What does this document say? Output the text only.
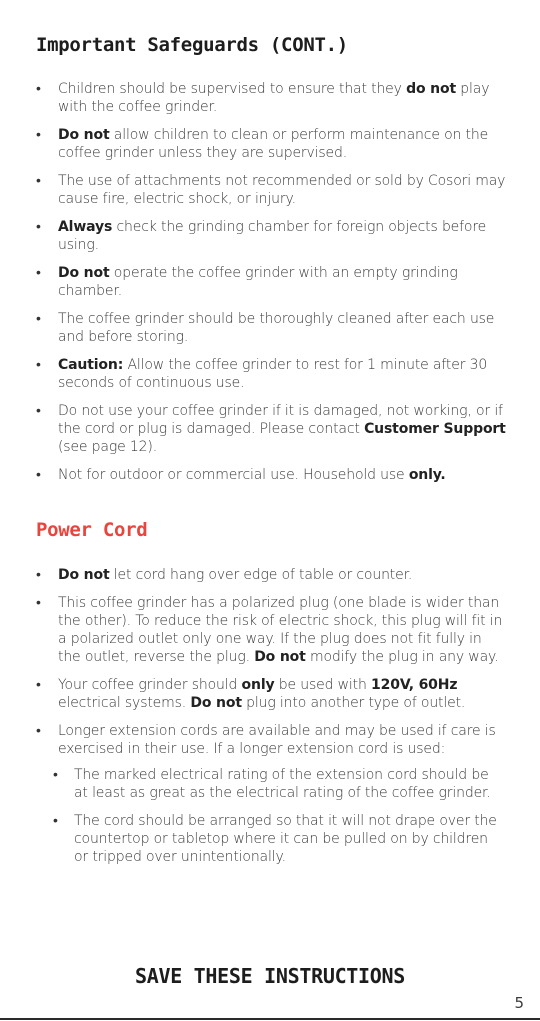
Important Safeguards (CONT.)
• Children should be supervised to ensure that they do not play with the coffee grinder.
• Do not allow children to clean or perform maintenance on the coffee grinder unless they are supervised.
• The use of attachments not recommended or sold by Cosori may cause fire, electric shock, or injury.
• Always check the grinding chamber for foreign objects before using.
• Do not operate the coffee grinder with an empty grinding chamber.
• The coffee grinder should be thoroughly cleaned after each use and before storing.
• Caution: Allow the coffee grinder to rest for 1 minute after 30 seconds of continuous use.
• Do not use your coffee grinder if it is damaged, not working, or if the cord or plug is damaged. Please contact Customer Support (see page 12).
• Not for outdoor or commercial use. Household use only.
Power Cord
• Do not let cord hang over edge of table or counter.
• This coffee grinder has a polarized plug (one blade is wider than the other). To reduce the risk of electric shock, this plug will fit in a polarized outlet only one way. If the plug does not fit fully in the outlet, reverse the plug. Do not modify the plug in any way.
• Your coffee grinder should only be used with 120V, 60Hz electrical systems. Do not plug into another type of outlet.
• Longer extension cords are available and may be used if care is exercised in their use. If a longer extension cord is used:
• The marked electrical rating of the extension cord should be at least as great as the electrical rating of the coffee grinder.
• The cord should be arranged so that it will not drape over the countertop or tabletop where it can be pulled on by children or tripped over unintentionally.
SAVE THESE INSTRUCTIONS
5
